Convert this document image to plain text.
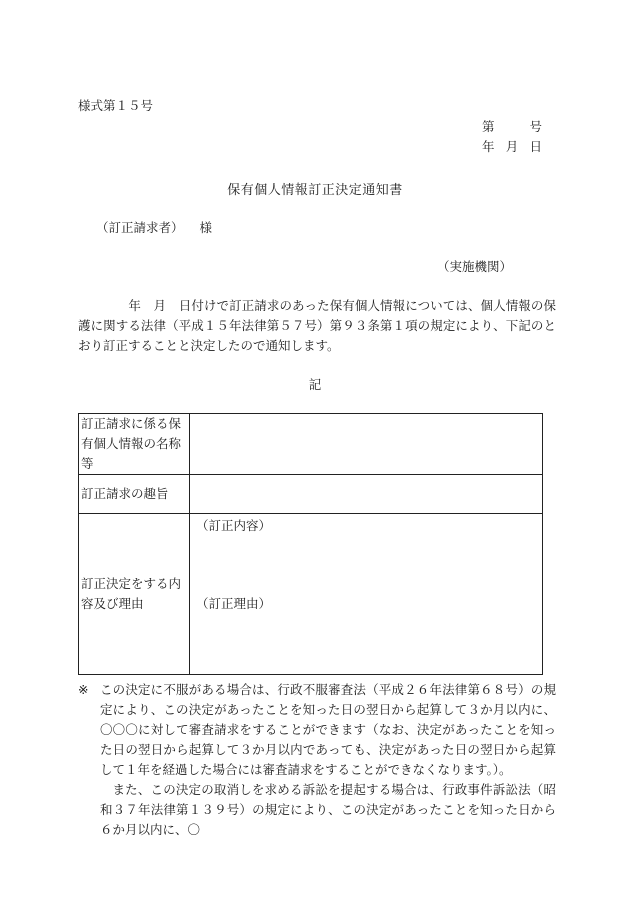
様式第１５号
第	号
年 月 日
保有個人情報訂正決定通知書
（訂正請求者） 様
（実施機関）

　　　　年　月　日付けで訂正請求のあった保有個人情報については、個人情報の保護に関する法律（平成１５年法律第５７号）第９３条第１項の規定により、下記のとおり訂正することと決定したので通知します。

記
訂正請求に係る保有個人情報の名称等	
訂正請求の趣旨	
訂正決定をする内容及び理由	（訂正内容）
（訂正理由）
※ この決定に不服がある場合は、行政不服審査法（平成２６年法律第６８号）の規定により、この決定があったことを知った日の翌日から起算して３か月以内に、〇〇〇に対して審査請求をすることができます（なお、決定があったことを知った日の翌日から起算して３か月以内であっても、決定があった日の翌日から起算して１年を経過した場合には審査請求をすることができなくなります。）。
また、この決定の取消しを求める訴訟を提起する場合は、行政事件訴訟法（昭和３７年法律第１３９号）の規定により、この決定があったことを知った日から６か月以内に、〇
